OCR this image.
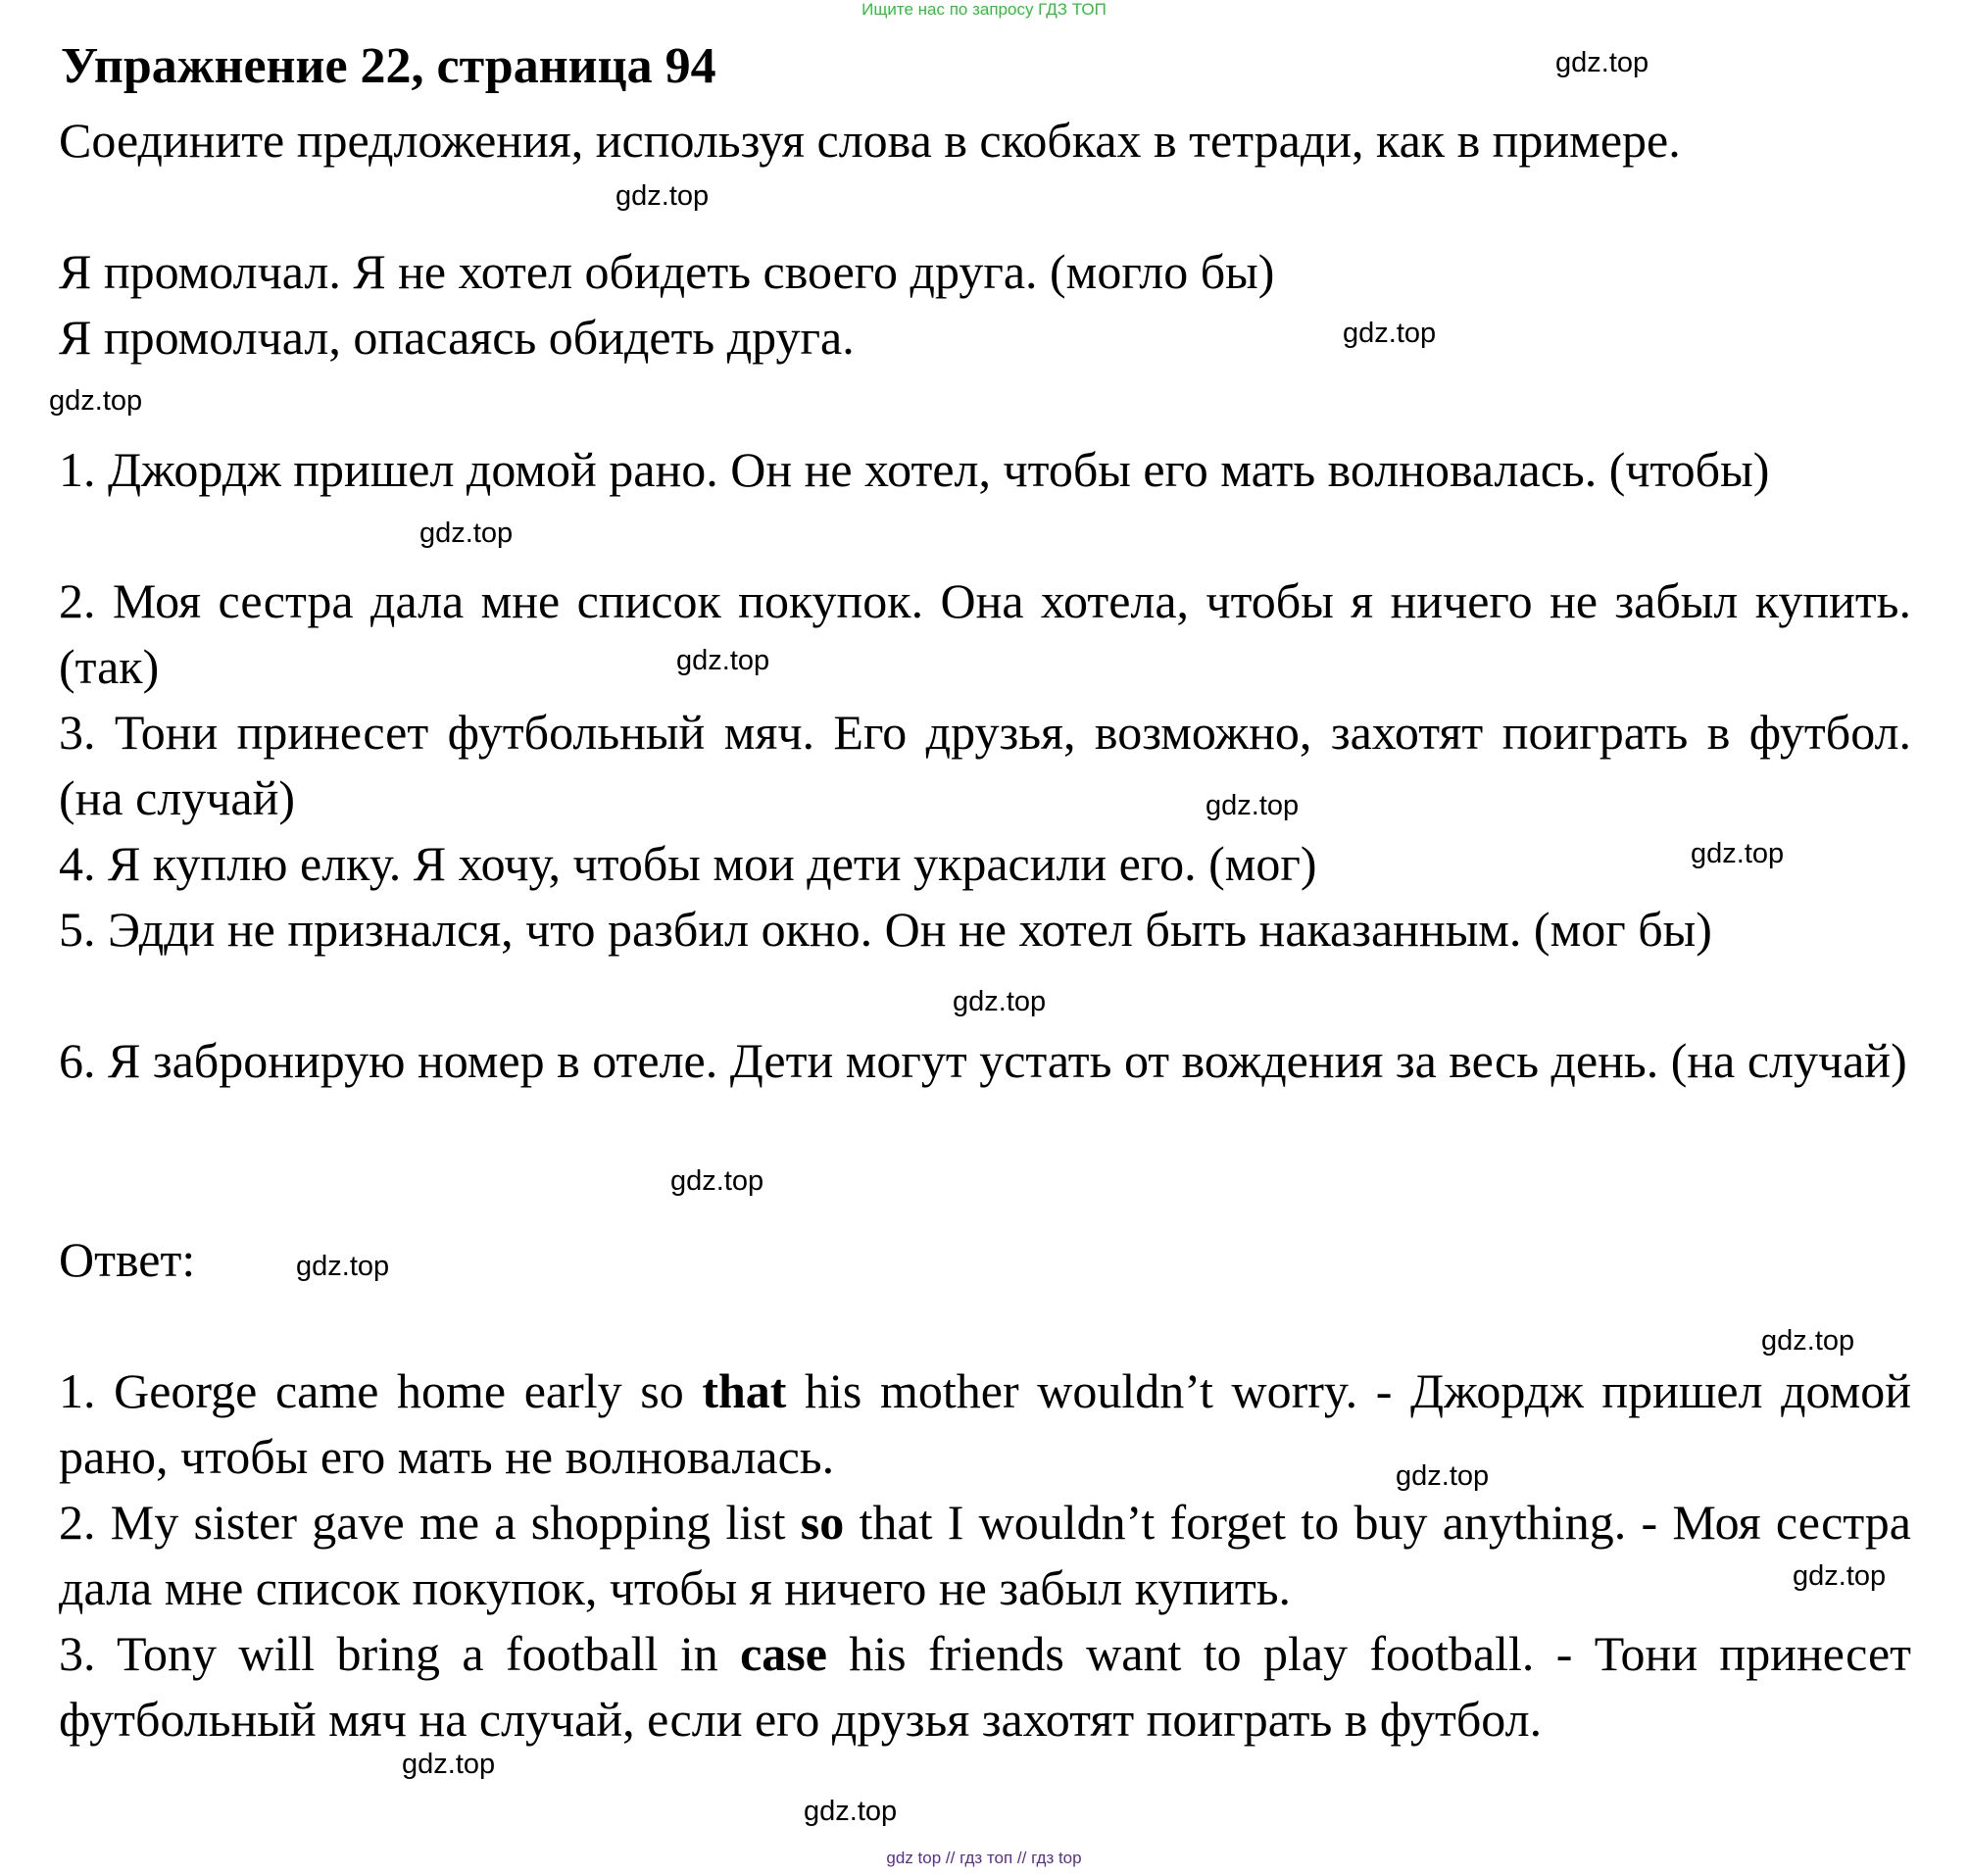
Ищите нас по запросу ГДЗ ТОП
Упражнение 22, страница 94
Соедините предложения, используя слова в скобках в тетради, как в примере.
Я промолчал. Я не хотел обидеть своего друга. (могло бы)
Я промолчал, опасаясь обидеть друга.
1. Джордж пришел домой рано. Он не хотел, чтобы его мать волновалась. (чтобы)
2. Моя сестра дала мне список покупок. Она хотела, чтобы я ничего не забыл купить. (так)
3. Тони принесет футбольный мяч. Его друзья, возможно, захотят поиграть в футбол. (на случай)
4. Я куплю елку. Я хочу, чтобы мои дети украсили его. (мог)
5. Эдди не признался, что разбил окно. Он не хотел быть наказанным. (мог бы)
6. Я забронирую номер в отеле. Дети могут устать от вождения за весь день. (на случай)
Ответ:
1. George came home early so that his mother wouldn’t worry. - Джордж пришел домой рано, чтобы его мать не волновалась.
2. My sister gave me a shopping list so that I wouldn’t forget to buy anything. - Моя сестра дала мне список покупок, чтобы я ничего не забыл купить.
3. Tony will bring a football in case his friends want to play football. - Тони принесет футбольный мяч на случай, если его друзья захотят поиграть в футбол.
gdz.top
gdz.top
gdz.top
gdz.top
gdz.top
gdz.top
gdz.top
gdz.top
gdz.top
gdz.top
gdz.top
gdz.top
gdz.top
gdz.top
gdz.top
gdz.top
gdz top // гдз топ // гдз top
